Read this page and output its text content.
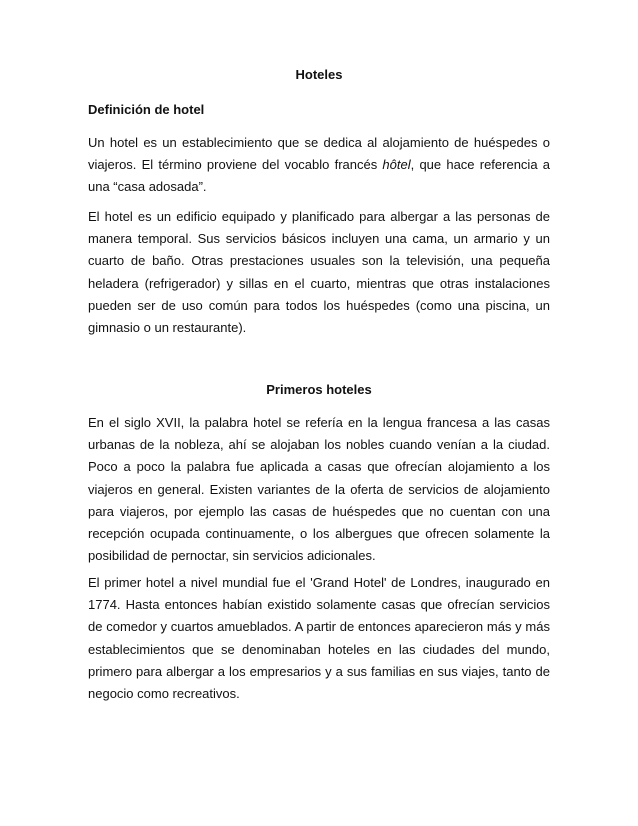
Hoteles
Definición de hotel

Un hotel es un establecimiento que se dedica al alojamiento de huéspedes o viajeros. El término proviene del vocablo francés hôtel, que hace referencia a una “casa adosada”.

El hotel es un edificio equipado y planificado para albergar a las personas de manera temporal. Sus servicios básicos incluyen una cama, un armario y un cuarto de baño. Otras prestaciones usuales son la televisión, una pequeña heladera (refrigerador) y sillas en el cuarto, mientras que otras instalaciones pueden ser de uso común para todos los huéspedes (como una piscina, un gimnasio o un restaurante).

Primeros hoteles

En el siglo XVII, la palabra hotel se refería en la lengua francesa a las casas urbanas de la nobleza, ahí se alojaban los nobles cuando venían a la ciudad. Poco a poco la palabra fue aplicada a casas que ofrecían alojamiento a los viajeros en general. Existen variantes de la oferta de servicios de alojamiento para viajeros, por ejemplo las casas de huéspedes que no cuentan con una recepción ocupada continuamente, o los albergues que ofrecen solamente la posibilidad de pernoctar, sin servicios adicionales.

El primer hotel a nivel mundial fue el 'Grand Hotel' de Londres, inaugurado en 1774. Hasta entonces habían existido solamente casas que ofrecían servicios de comedor y cuartos amueblados. A partir de entonces aparecieron más y más establecimientos que se denominaban hoteles en las ciudades del mundo, primero para albergar a los empresarios y a sus familias en sus viajes, tanto de negocio como recreativos.
